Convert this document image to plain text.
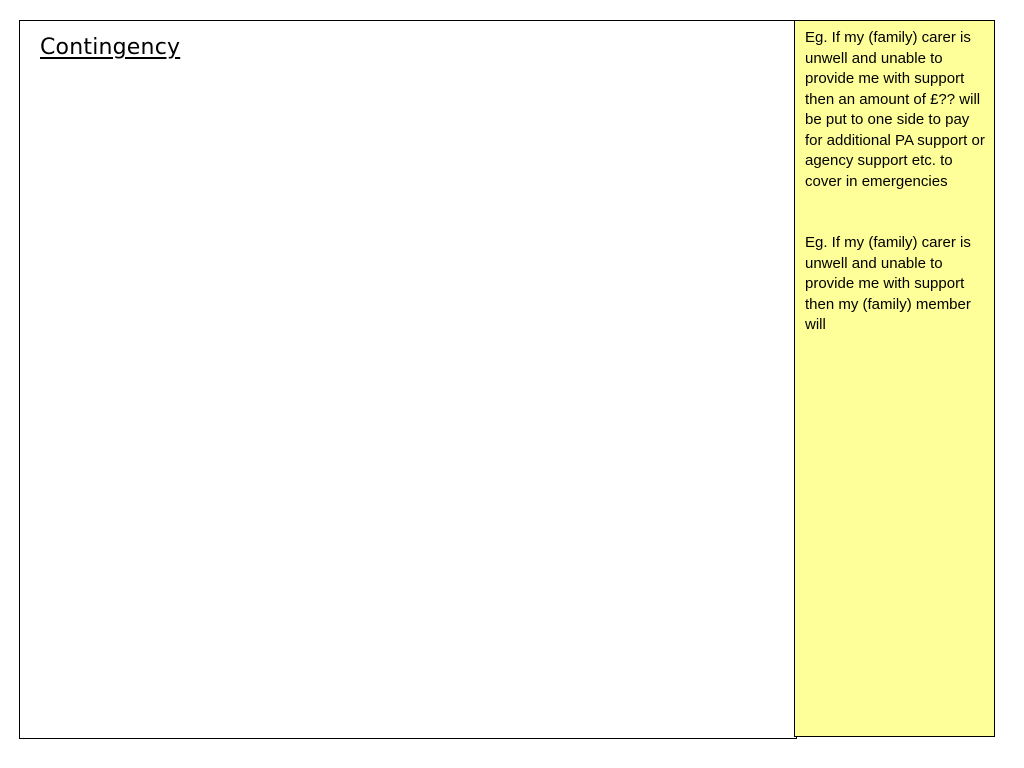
Contingency	Eg. If my (family) carer is unwell and unable to provide me with support then an amount of £?? will be put to one side to pay for additional PA support or agency support etc. to cover in emergencies

Eg. If my (family) carer is unwell and unable to provide me with support then my (family) member will
